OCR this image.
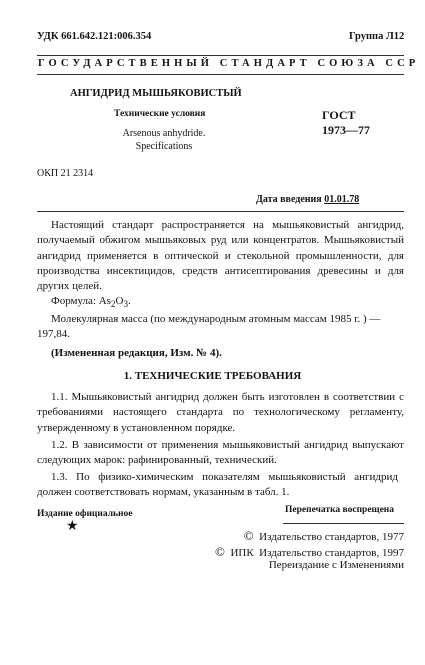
УДК 661.642.121:006.354	Группа Л12
ГОСУДАРСТВЕННЫЙ СТАНДАРТ СОЮЗА ССР
АНГИДРИД МЫШЬЯКОВИСТЫЙ
Технические условия
Arsenous anhydride.
Specifications
ГОСТ
1973—77
ОКП 21 2314
Дата введения 01.01.78
Настоящий стандарт распространяется на мышьяковистый ангидрид, получаемый обжигом мышьяковых руд или концентратов. Мышьяковистый ангидрид применяется в оптической и стекольной промышленности, для производства инсектицидов, средств антисептирования древесины и для других целей.
Формула: $As_2O_3$.
Молекулярная масса (по международным атомным массам 1985 г. ) —
197,84.
(Измененная редакция, Изм. № 4).
1. ТЕХНИЧЕСКИЕ ТРЕБОВАНИЯ
1.1. Мышьяковистый ангидрид должен быть изготовлен в соответствии с требованиями настоящего стандарта по технологическому регламенту, утвержденному в установленном порядке.
1.2. В зависимости от применения мышьяковистый ангидрид выпускают следующих марок: рафинированный, технический.
1.3. По физико-химическим показателям мышьяковистый ангидрид должен соответствовать нормам, указанным в табл. 1.
Издание официальное
★
Перепечатка воспрещена
© Издательство стандартов, 1977
© ИПК Издательство стандартов, 1997
Переиздание с Изменениями
